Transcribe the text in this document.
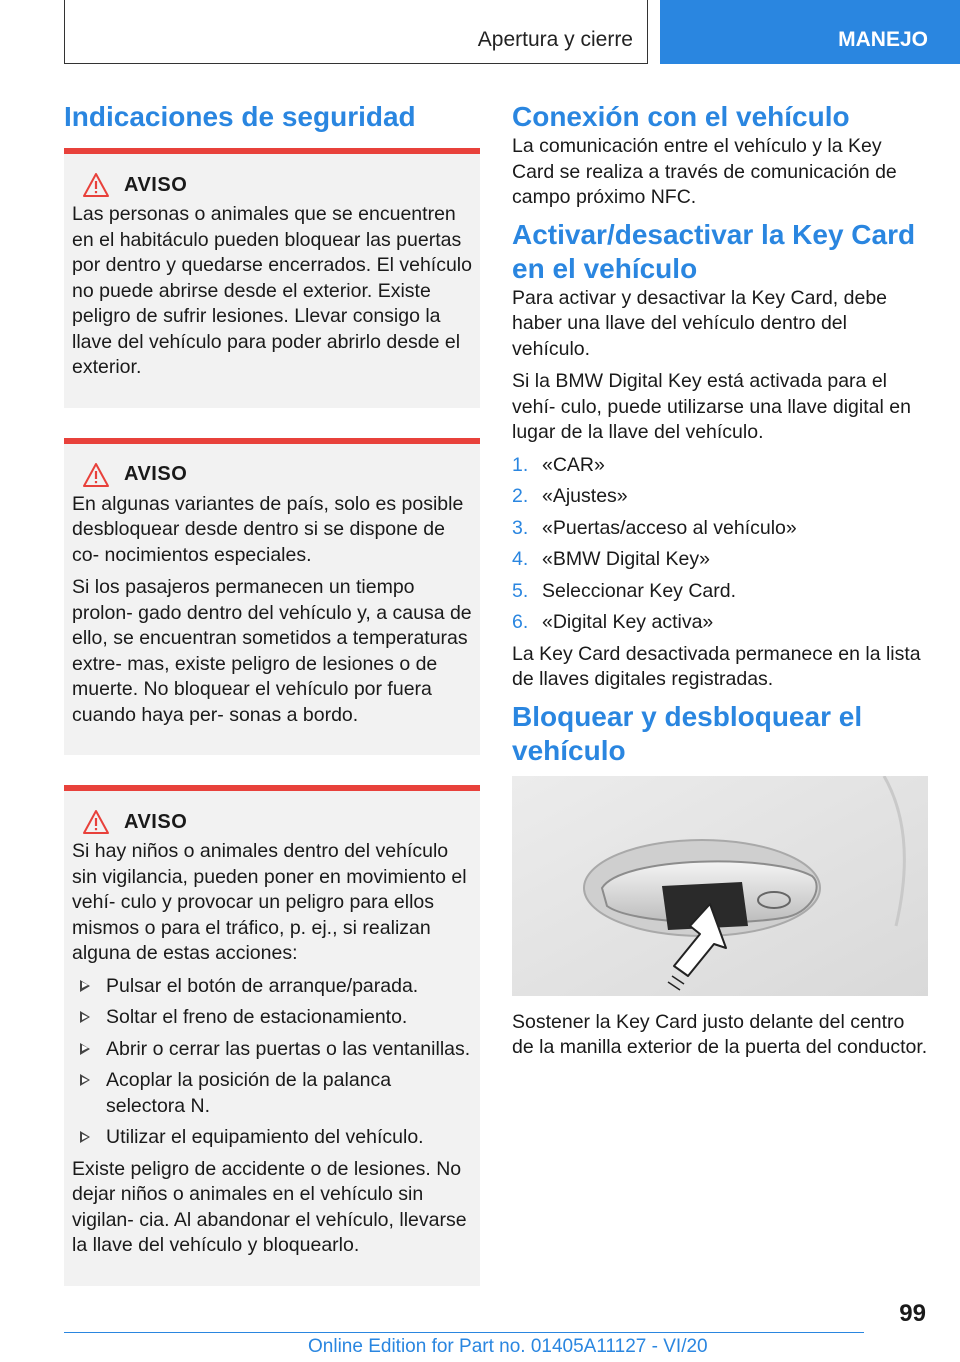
Apertura y cierre	MANEJO
Indicaciones de seguridad
AVISO

Las personas o animales que se encuentren en el habitáculo pueden bloquear las puertas por dentro y quedarse encerrados. El vehículo no puede abrirse desde el exterior. Existe peligro de sufrir lesiones. Llevar consigo la llave del vehículo para poder abrirlo desde el exterior.

AVISO

En algunas variantes de país, solo es posible desbloquear desde dentro si se dispone de co- nocimientos especiales.

Si los pasajeros permanecen un tiempo prolon- gado dentro del vehículo y, a causa de ello, se encuentran sometidos a temperaturas extre- mas, existe peligro de lesiones o de muerte. No bloquear el vehículo por fuera cuando haya per- sonas a bordo.

AVISO

Si hay niños o animales dentro del vehículo sin vigilancia, pueden poner en movimiento el vehí- culo y provocar un peligro para ellos mismos o para el tráfico, p. ej., si realizan alguna de estas acciones:

Pulsar el botón de arranque/parada.
Soltar el freno de estacionamiento.
Abrir o cerrar las puertas o las ventanillas.
Acoplar la posición de la palanca selectora N.
Utilizar el equipamiento del vehículo.

Existe peligro de accidente o de lesiones. No dejar niños o animales en el vehículo sin vigilan- cia. Al abandonar el vehículo, llevarse la llave del vehículo y bloquearlo.

Conexión con el vehículo

La comunicación entre el vehículo y la Key Card se realiza a través de comunicación de campo próximo NFC.

Activar/desactivar la Key Card en el vehículo

Para activar y desactivar la Key Card, debe haber una llave del vehículo dentro del vehículo.

Si la BMW Digital Key está activada para el vehí- culo, puede utilizarse una llave digital en lugar de la llave del vehículo.

1. «CAR»
2. «Ajustes»
3. «Puertas/acceso al vehículo»
4. «BMW Digital Key»
5. Seleccionar Key Card.
6. «Digital Key activa»

La Key Card desactivada permanece en la lista de llaves digitales registradas.

Bloquear y desbloquear el vehículo

Sostener la Key Card justo delante del centro de la manilla exterior de la puerta del conductor.

99
Online Edition for Part no. 01405A11127 - VI/20
